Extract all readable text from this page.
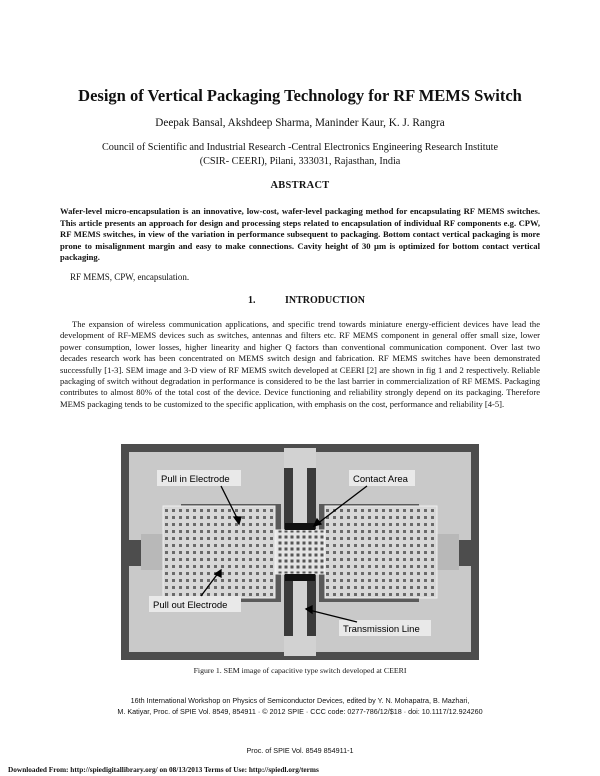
Design of Vertical Packaging Technology for RF MEMS Switch
Deepak Bansal, Akshdeep Sharma, Maninder Kaur, K. J. Rangra
Council of Scientific and Industrial Research -Central Electronics Engineering Research Institute
(CSIR- CEERI), Pilani, 333031, Rajasthan, India
ABSTRACT
Wafer-level micro-encapsulation is an innovative, low-cost, wafer-level packaging method for encapsulating RF MEMS switches. This article presents an approach for design and processing steps related to encapsulation of individual RF components e.g. CPW, RF MEMS switches, in view of the variation in performance subsequent to packaging. Bottom contact vertical packaging is more prone to misalignment margin and easy to make connections. Cavity height of 30 µm is optimized for bottom contact vertical packaging.
RF MEMS, CPW, encapsulation.
1.	INTRODUCTION
The expansion of wireless communication applications, and specific trend towards miniature energy-efficient devices have lead the development of RF-MEMS devices such as switches, antennas and filters etc. RF MEMS component in general offer small size, lower power consumption, lower losses, higher linearity and higher Q factors than conventional communication component. Over last two decades research work has been concentrated on MEMS switch design and fabrication. RF MEMS switches have been demonstrated successfully [1-3]. SEM image and 3-D view of RF MEMS switch developed at CEERI [2] are shown in fig 1 and 2 respectively. Reliable packaging of switch without degradation in performance is considered to be the last barrier in commercialization of RF MEMS. Packaging contributes to almost 80% of the total cost of the device. Device functioning and reliability strongly depend on its packaging. Therefore MEMS packaging tends to be customized to the specific application, with emphasis on the cost, performance and reliability [4-5].
Pull in Electrode	Contact Area
Pull out Electrode
Transmission Line
Figure 1. SEM image of capacitive type switch developed at CEERI
16th International Workshop on Physics of Semiconductor Devices, edited by Y. N. Mohapatra, B. Mazhari,
M. Katiyar, Proc. of SPIE Vol. 8549, 854911 · © 2012 SPIE · CCC code: 0277-786/12/$18 · doi: 10.1117/12.924260
Proc. of SPIE Vol. 8549 854911-1
Downloaded From: http://spiedigitallibrary.org/ on 08/13/2013 Terms of Use: http://spiedl.org/terms
